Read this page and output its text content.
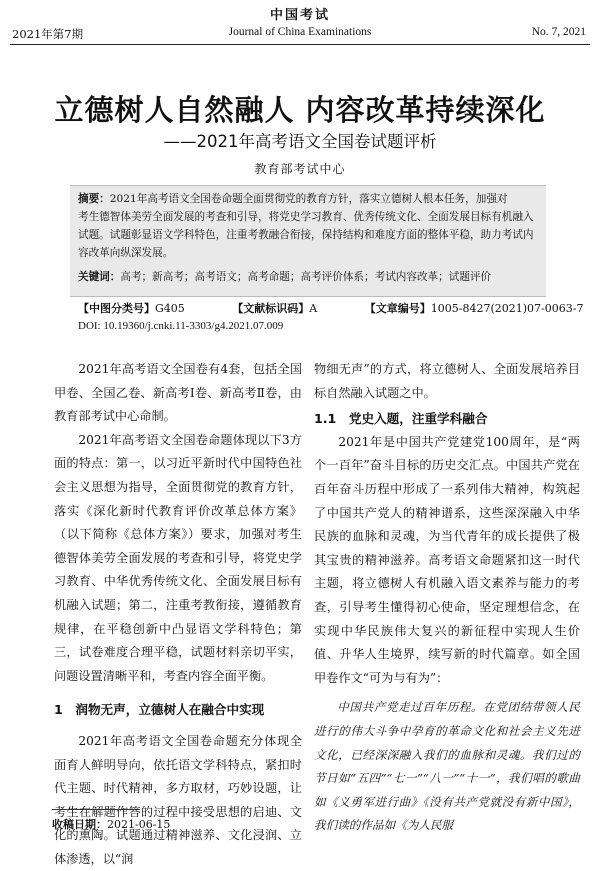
中国考试
2021年第7期	Journal of China Examinations	No. 7, 2021
立德树人自然融人 内容改革持续深化
——2021年高考语文全国卷试题评析
教育部考试中心
摘要：2021年高考语文全国卷命题全面贯彻党的教育方针，落实立德树人根本任务，加强对
考生德智体美劳全面发展的考查和引导，将党史学习教育、优秀传统文化、全面发展目标有机融入
试题。试题彰显语文学科特色，注重考教融合衔接，保持结构和难度方面的整体平稳，助力考试内
容改革向纵深发展。
关键词：高考；新高考；高考语文；高考命题；高考评价体系；考试内容改革；试题评价
【中图分类号】G405	【文献标识码】A	【文章编号】1005-8427(2021)07-0063-7
DOI: 10.19360/j.cnki.11-3303/g4.2021.07.009

2021年高考语文全国卷有4套，包括全国甲卷、全国乙卷、新高考Ⅰ卷、新高考Ⅱ卷，由教育部考试中心命制。

2021年高考语文全国卷命题体现以下3方面的特点：第一，以习近平新时代中国特色社会主义思想为指导，全面贯彻党的教育方针，落实《深化新时代教育评价改革总体方案》（以下简称《总体方案》）要求，加强对考生德智体美劳全面发展的考查和引导，将党史学习教育、中华优秀传统文化、全面发展目标有机融入试题；第二，注重考教衔接，遵循教育规律，在平稳创新中凸显语文学科特色；第三，试卷难度合理平稳，试题材料亲切平实，问题设置清晰平和，考查内容全面平衡。

1　润物无声，立德树人在融合中实现

2021年高考语文全国卷命题充分体现全面育人鲜明导向，依托语文学科特点，紧扣时代主题、时代精神，多方取材，巧妙设题，让考生在解题作答的过程中接受思想的启迪、文化的熏陶。试题通过精神滋养、文化浸润、立体渗透，以“润

物细无声”的方式，将立德树人、全面发展培养目标自然融入试题之中。

1.1　党史入题，注重学科融合

2021年是中国共产党建党100周年，是“两个一百年”奋斗目标的历史交汇点。中国共产党在百年奋斗历程中形成了一系列伟大精神，构筑起了中国共产党人的精神谱系，这些深深融入中华民族的血脉和灵魂，为当代青年的成长提供了极其宝贵的精神滋养。高考语文命题紧扣这一时代主题，将立德树人有机融入语文素养与能力的考查，引导考生懂得初心使命，坚定理想信念，在实现中华民族伟大复兴的新征程中实现人生价值、升华人生境界，续写新的时代篇章。如全国甲卷作文“可为与有为”：

中国共产党走过百年历程。在党团结带领人民进行的伟大斗争中孕育的革命文化和社会主义先进文化，已经深深融入我们的血脉和灵魂。我们过的节日如“五四”“七一”“八一”“十一”，我们唱的歌曲如《义勇军进行曲》《没有共产党就没有新中国》，我们读的作品如《为人民服

收稿日期：2021-06-15
